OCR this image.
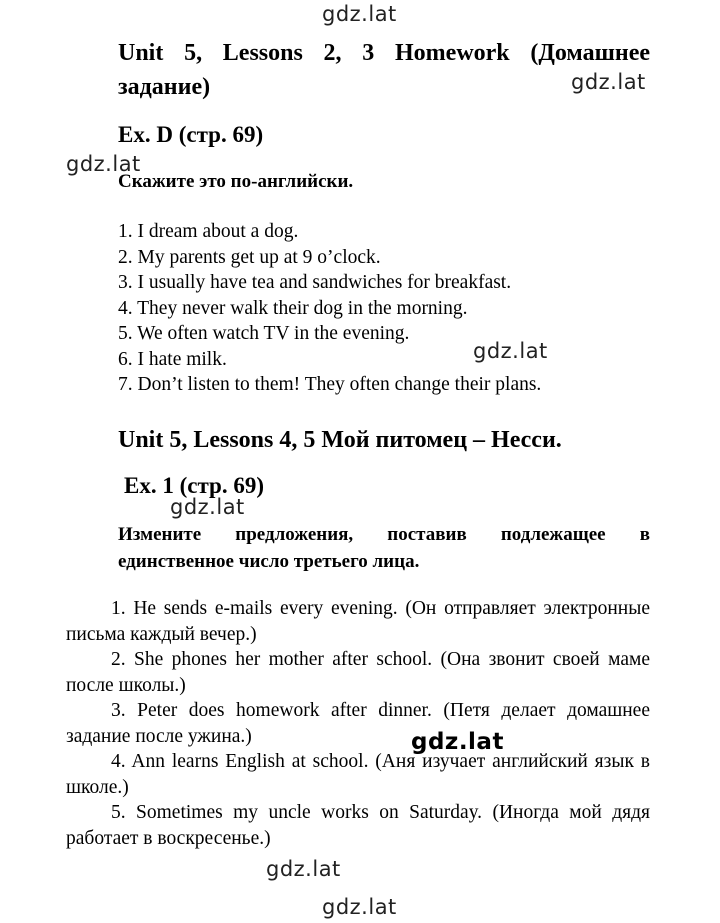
Unit 5, Lessons 2, 3 Homework (Домашнее задание)
Ex. D (стр. 69)
Скажите это по-английски.
1. I dream about a dog.
2. My parents get up at 9 o’clock.
3. I usually have tea and sandwiches for breakfast.
4. They never walk their dog in the morning.
5. We often watch TV in the evening.
6. I hate milk.
7. Don’t listen to them! They often change their plans.
Unit 5, Lessons 4, 5 Мой питомец – Несси.
Ex. 1 (стр. 69)
Измените предложения, поставив подлежащее в единственное число третьего лица.
1. He sends e-mails every evening. (Он отправляет электронные письма каждый вечер.)
2. She phones her mother after school. (Она звонит своей маме после школы.)
3. Peter does homework after dinner. (Петя делает домашнее задание после ужина.)
4. Ann learns English at school. (Аня изучает английский язык в школе.)
5. Sometimes my uncle works on Saturday. (Иногда мой дядя работает в воскресенье.)
gdz.lat
gdz.lat
gdz.lat
gdz.lat
gdz.lat
gdz.lat
gdz.lat
gdz.lat
